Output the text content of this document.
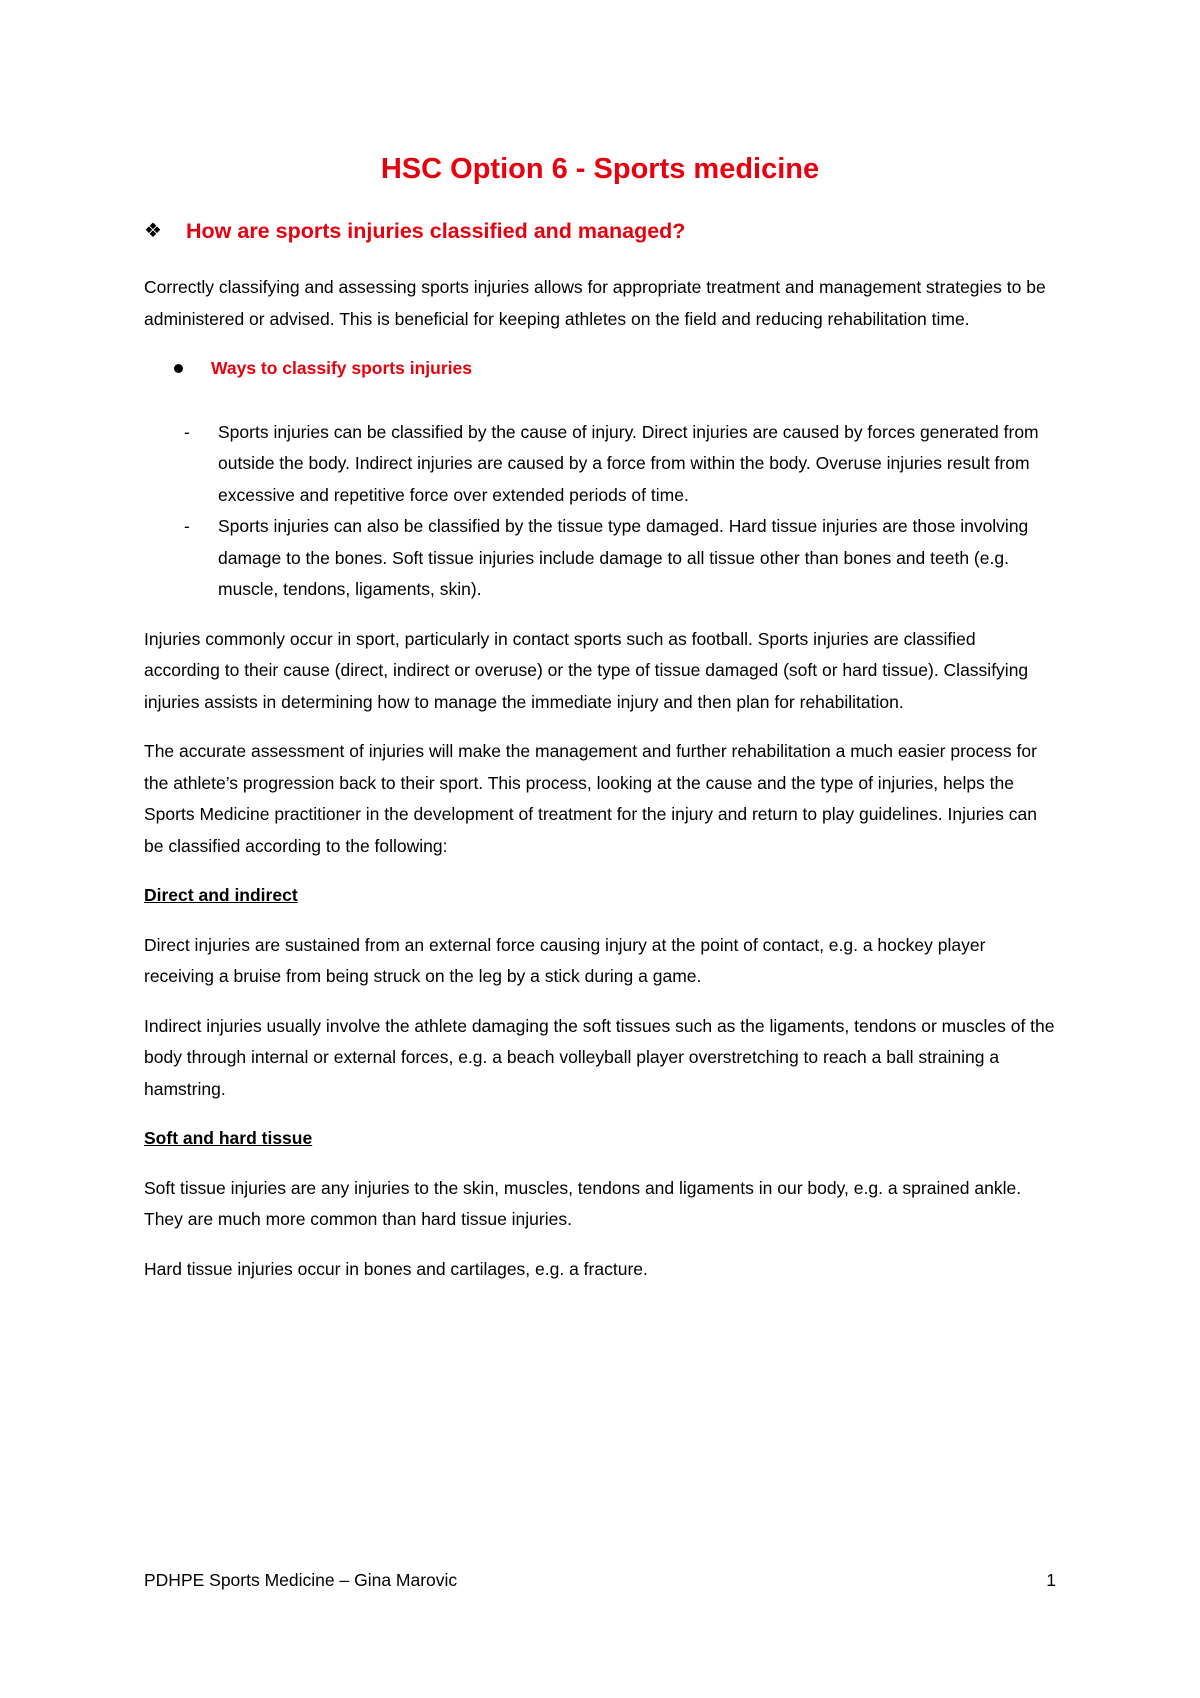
HSC Option 6 - Sports medicine
❖ How are sports injuries classified and managed?

Correctly classifying and assessing sports injuries allows for appropriate treatment and management strategies to be administered or advised. This is beneficial for keeping athletes on the field and reducing rehabilitation time.

Ways to classify sports injuries
-	Sports injuries can be classified by the cause of injury. Direct injuries are caused by forces generated from outside the body. Indirect injuries are caused by a force from within the body. Overuse injuries result from excessive and repetitive force over extended periods of time.
-	Sports injuries can also be classified by the tissue type damaged. Hard tissue injuries are those involving damage to the bones. Soft tissue injuries include damage to all tissue other than bones and teeth (e.g. muscle, tendons, ligaments, skin).

Injuries commonly occur in sport, particularly in contact sports such as football. Sports injuries are classified according to their cause (direct, indirect or overuse) or the type of tissue damaged (soft or hard tissue). Classifying injuries assists in determining how to manage the immediate injury and then plan for rehabilitation.

The accurate assessment of injuries will make the management and further rehabilitation a much easier process for the athlete’s progression back to their sport. This process, looking at the cause and the type of injuries, helps the Sports Medicine practitioner in the development of treatment for the injury and return to play guidelines. Injuries can be classified according to the following:

Direct and indirect

Direct injuries are sustained from an external force causing injury at the point of contact, e.g. a hockey player receiving a bruise from being struck on the leg by a stick during a game.

Indirect injuries usually involve the athlete damaging the soft tissues such as the ligaments, tendons or muscles of the body through internal or external forces, e.g. a beach volleyball player overstretching to reach a ball straining a hamstring.

Soft and hard tissue

Soft tissue injuries are any injuries to the skin, muscles, tendons and ligaments in our body, e.g. a sprained ankle. They are much more common than hard tissue injuries.

Hard tissue injuries occur in bones and cartilages, e.g. a fracture.

PDHPE Sports Medicine – Gina Marovic	1
